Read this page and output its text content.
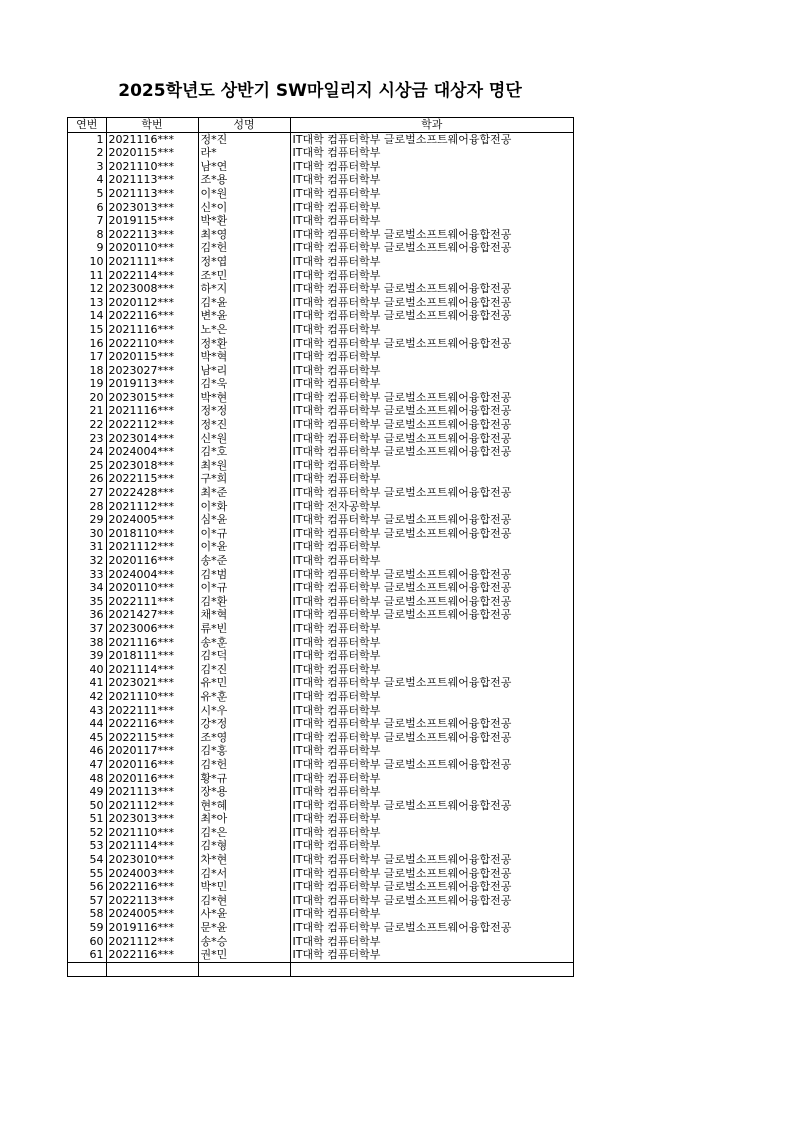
2025학년도 상반기 SW마일리지 시상금 대상자 명단
연번	학번	성명	학과
1	2021116***	정*진	IT대학 컴퓨터학부 글로벌소프트웨어융합전공
2	2020115***	라*	IT대학 컴퓨터학부
3	2021110***	남*연	IT대학 컴퓨터학부
4	2021113***	조*용	IT대학 컴퓨터학부
5	2021113***	이*원	IT대학 컴퓨터학부
6	2023013***	신*이	IT대학 컴퓨터학부
7	2019115***	박*환	IT대학 컴퓨터학부
8	2022113***	최*영	IT대학 컴퓨터학부 글로벌소프트웨어융합전공
9	2020110***	김*헌	IT대학 컴퓨터학부 글로벌소프트웨어융합전공
10	2021111***	정*엽	IT대학 컴퓨터학부
11	2022114***	조*민	IT대학 컴퓨터학부
12	2023008***	하*지	IT대학 컴퓨터학부 글로벌소프트웨어융합전공
13	2020112***	김*윤	IT대학 컴퓨터학부 글로벌소프트웨어융합전공
14	2022116***	변*윤	IT대학 컴퓨터학부 글로벌소프트웨어융합전공
15	2021116***	노*은	IT대학 컴퓨터학부
16	2022110***	정*환	IT대학 컴퓨터학부 글로벌소프트웨어융합전공
17	2020115***	박*혁	IT대학 컴퓨터학부
18	2023027***	남*리	IT대학 컴퓨터학부
19	2019113***	김*욱	IT대학 컴퓨터학부
20	2023015***	박*현	IT대학 컴퓨터학부 글로벌소프트웨어융합전공
21	2021116***	정*정	IT대학 컴퓨터학부 글로벌소프트웨어융합전공
22	2022112***	정*진	IT대학 컴퓨터학부 글로벌소프트웨어융합전공
23	2023014***	신*원	IT대학 컴퓨터학부 글로벌소프트웨어융합전공
24	2024004***	김*호	IT대학 컴퓨터학부 글로벌소프트웨어융합전공
25	2023018***	최*원	IT대학 컴퓨터학부
26	2022115***	구*희	IT대학 컴퓨터학부
27	2022428***	최*준	IT대학 컴퓨터학부 글로벌소프트웨어융합전공
28	2021112***	이*화	IT대학 전자공학부
29	2024005***	심*윤	IT대학 컴퓨터학부 글로벌소프트웨어융합전공
30	2018110***	이*규	IT대학 컴퓨터학부 글로벌소프트웨어융합전공
31	2021112***	이*윤	IT대학 컴퓨터학부
32	2020116***	송*준	IT대학 컴퓨터학부
33	2024004***	김*범	IT대학 컴퓨터학부 글로벌소프트웨어융합전공
34	2020110***	이*규	IT대학 컴퓨터학부 글로벌소프트웨어융합전공
35	2022111***	김*환	IT대학 컴퓨터학부 글로벌소프트웨어융합전공
36	2021427***	채*혁	IT대학 컴퓨터학부 글로벌소프트웨어융합전공
37	2023006***	류*빈	IT대학 컴퓨터학부
38	2021116***	송*훈	IT대학 컴퓨터학부
39	2018111***	김*덕	IT대학 컴퓨터학부
40	2021114***	김*진	IT대학 컴퓨터학부
41	2023021***	유*민	IT대학 컴퓨터학부 글로벌소프트웨어융합전공
42	2021110***	유*훈	IT대학 컴퓨터학부
43	2022111***	시*우	IT대학 컴퓨터학부
44	2022116***	강*정	IT대학 컴퓨터학부 글로벌소프트웨어융합전공
45	2022115***	조*영	IT대학 컴퓨터학부 글로벌소프트웨어융합전공
46	2020117***	김*홍	IT대학 컴퓨터학부
47	2020116***	김*헌	IT대학 컴퓨터학부 글로벌소프트웨어융합전공
48	2020116***	황*규	IT대학 컴퓨터학부
49	2021113***	장*용	IT대학 컴퓨터학부
50	2021112***	현*혜	IT대학 컴퓨터학부 글로벌소프트웨어융합전공
51	2023013***	최*아	IT대학 컴퓨터학부
52	2021110***	김*은	IT대학 컴퓨터학부
53	2021114***	김*형	IT대학 컴퓨터학부
54	2023010***	차*현	IT대학 컴퓨터학부 글로벌소프트웨어융합전공
55	2024003***	김*서	IT대학 컴퓨터학부 글로벌소프트웨어융합전공
56	2022116***	박*민	IT대학 컴퓨터학부 글로벌소프트웨어융합전공
57	2022113***	김*현	IT대학 컴퓨터학부 글로벌소프트웨어융합전공
58	2024005***	사*윤	IT대학 컴퓨터학부
59	2019116***	문*윤	IT대학 컴퓨터학부 글로벌소프트웨어융합전공
60	2021112***	송*승	IT대학 컴퓨터학부
61	2022116***	권*민	IT대학 컴퓨터학부
